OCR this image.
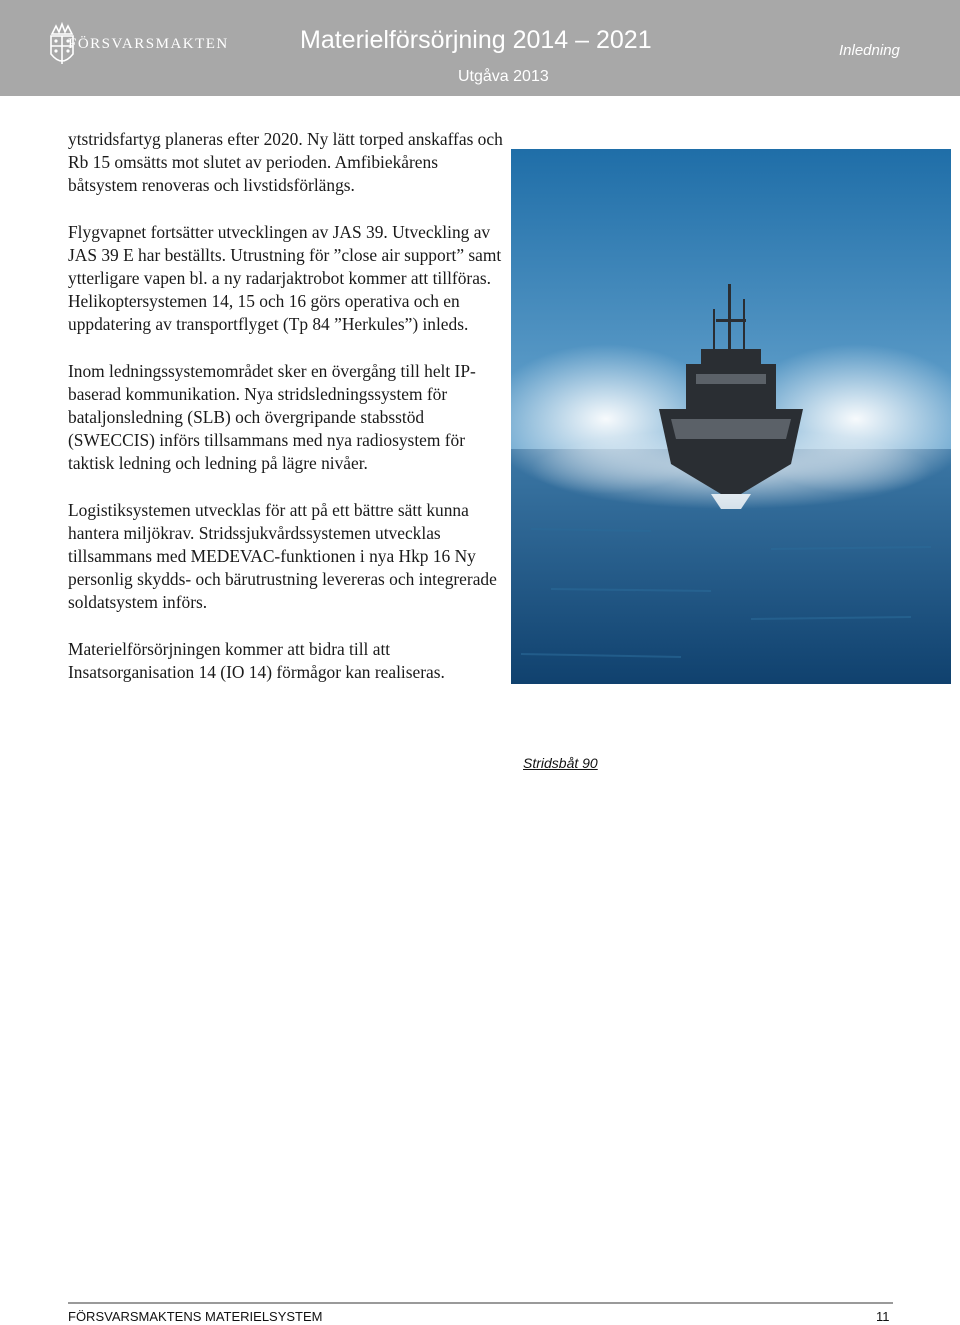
FÖRSVARSMAKTEN	Materielförsörjning 2014 – 2021
Utgåva 2013
Inledning

ytstridsfartyg planeras efter 2020. Ny lätt torped anskaffas och Rb 15 omsätts mot slutet av perioden. Amfibiekårens båtsystem renoveras och livstidsförlängs.

Flygvapnet fortsätter utvecklingen av JAS 39. Utveckling av JAS 39 E har beställts. Utrustning för ”close air support” samt ytterligare vapen bl. a ny radarjaktrobot kommer att tillföras. Helikoptersystemen 14, 15 och 16 görs operativa och en uppdatering av transportflyget (Tp 84 ”Herkules”) inleds.

Inom ledningssystemområdet sker en övergång till helt IP-baserad kommunikation. Nya stridsledningssystem för bataljonsledning (SLB) och övergripande stabsstöd (SWECCIS) införs tillsammans med nya radiosystem för taktisk ledning och ledning på lägre nivåer.

Logistiksystemen utvecklas för att på ett bättre sätt kunna hantera miljökrav. Stridssjukvårdssystemen utvecklas tillsammans med MEDEVAC-funktionen i nya Hkp 16 Ny personlig skydds- och bärutrustning levereras och integrerade soldatsystem införs.

Materielförsörjningen kommer att bidra till att Insatsorganisation 14 (IO 14) förmågor kan realiseras.

Stridsbåt 90
FÖRSVARSMAKTENS MATERIELSYSTEM	11
